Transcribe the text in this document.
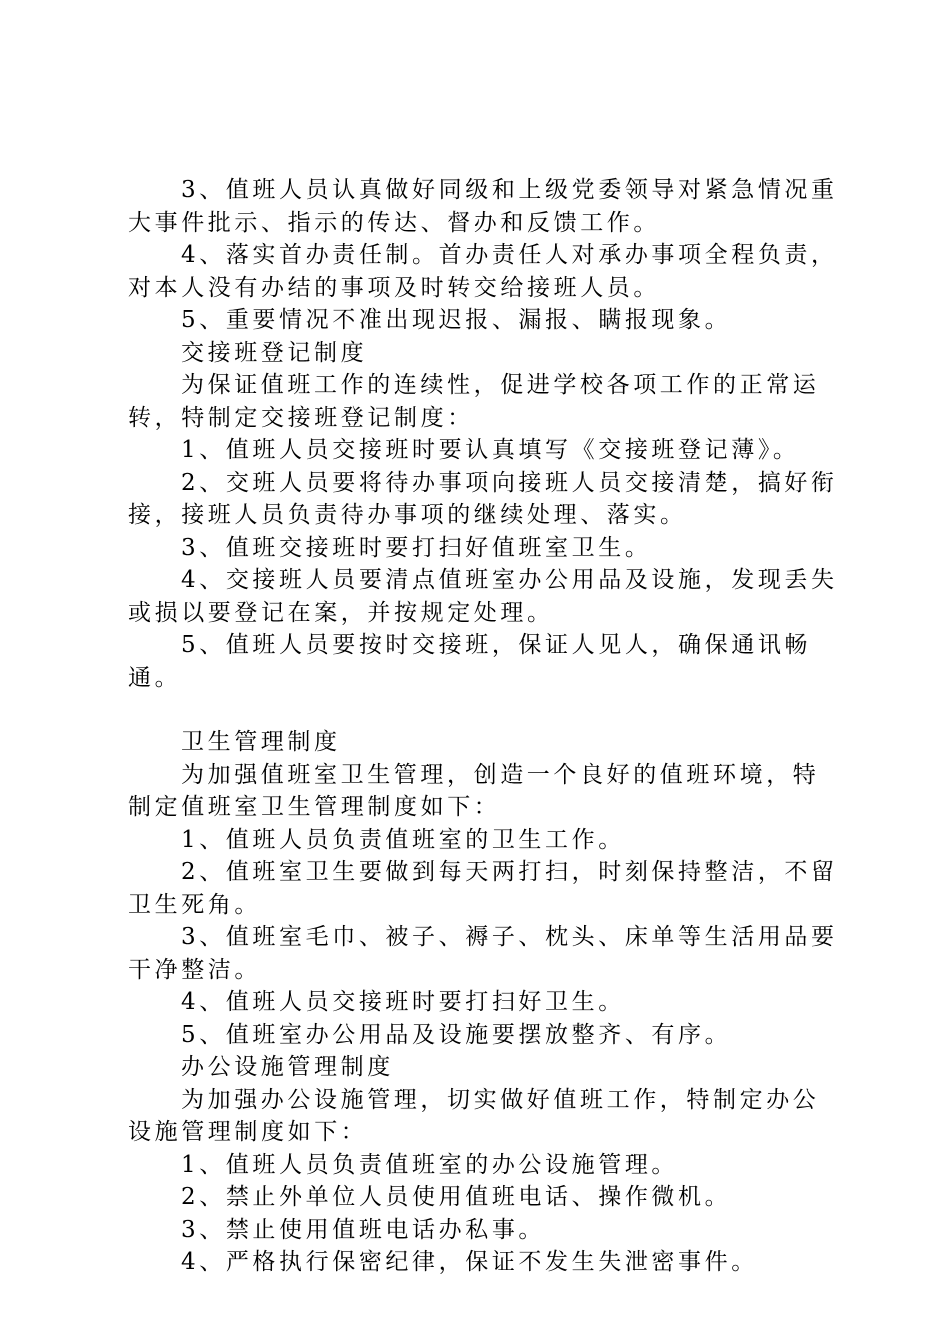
3、值班人员认真做好同级和上级党委领导对紧急情况重大事件批示、指示的传达、督办和反馈工作。

4、落实首办责任制。首办责任人对承办事项全程负责，对本人没有办结的事项及时转交给接班人员。

5、重要情况不准出现迟报、漏报、瞒报现象。

交接班登记制度

为保证值班工作的连续性，促进学校各项工作的正常运转，特制定交接班登记制度：

1、值班人员交接班时要认真填写《交接班登记薄》。

2、交班人员要将待办事项向接班人员交接清楚，搞好衔接，接班人员负责待办事项的继续处理、落实。

3、值班交接班时要打扫好值班室卫生。

4、交接班人员要清点值班室办公用品及设施，发现丢失或损以要登记在案，并按规定处理。

5、值班人员要按时交接班，保证人见人，确保通讯畅通。

卫生管理制度

为加强值班室卫生管理，创造一个良好的值班环境，特制定值班室卫生管理制度如下：

1、值班人员负责值班室的卫生工作。

2、值班室卫生要做到每天两打扫，时刻保持整洁，不留卫生死角。

3、值班室毛巾、被子、褥子、枕头、床单等生活用品要干净整洁。

4、值班人员交接班时要打扫好卫生。

5、值班室办公用品及设施要摆放整齐、有序。

办公设施管理制度

为加强办公设施管理，切实做好值班工作，特制定办公设施管理制度如下：

1、值班人员负责值班室的办公设施管理。

2、禁止外单位人员使用值班电话、操作微机。

3、禁止使用值班电话办私事。

4、严格执行保密纪律，保证不发生失泄密事件。
